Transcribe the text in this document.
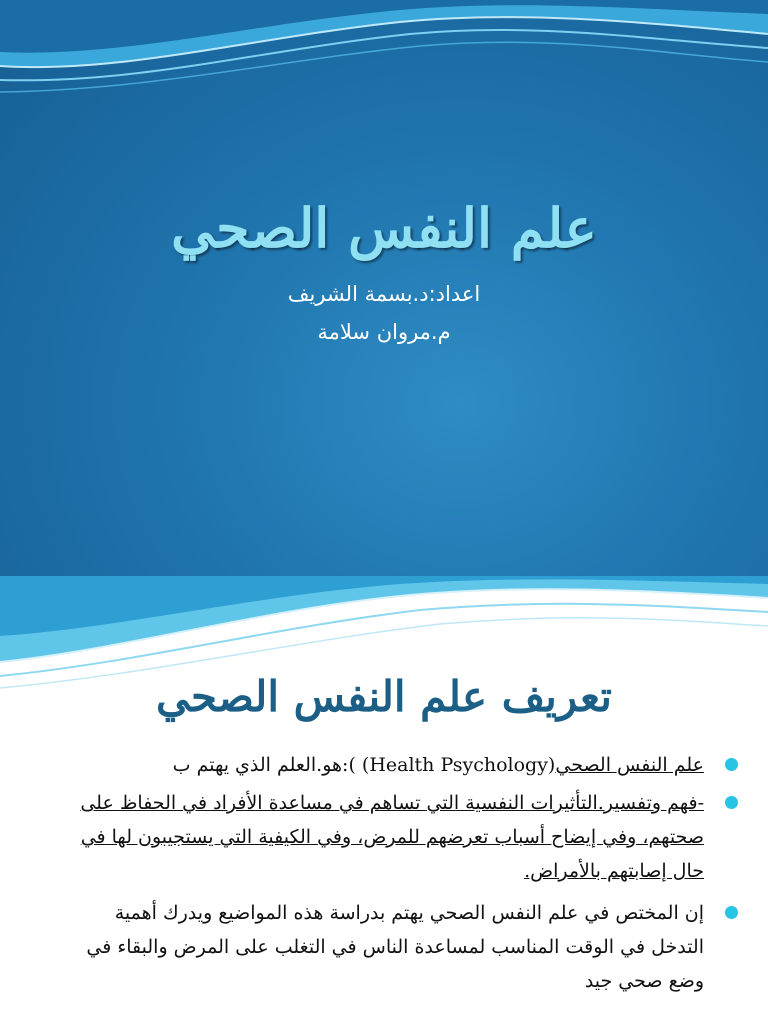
علم النفس الصحي
اعداد:د.بسمة الشريف
م.مروان سلامة
تعريف علم النفس الصحي
علم النفس الصحي(Health Psychology) ):هو.العلم الذي يهتم ب
-فهم وتفسير.التأثيرات النفسية التي تساهم في مساعدة الأفراد في الحفاظ على صحتهم، وفي إيضاح أسباب تعرضهم للمرض، وفي الكيفية التي يستجيبون لها في حال إصابتهم بالأمراض.
إن المختص في علم النفس الصحي يهتم بدراسة هذه المواضيع ويدرك أهمية التدخل في الوقت المناسب لمساعدة الناس في التغلب على المرض والبقاء في وضع صحي جيد
